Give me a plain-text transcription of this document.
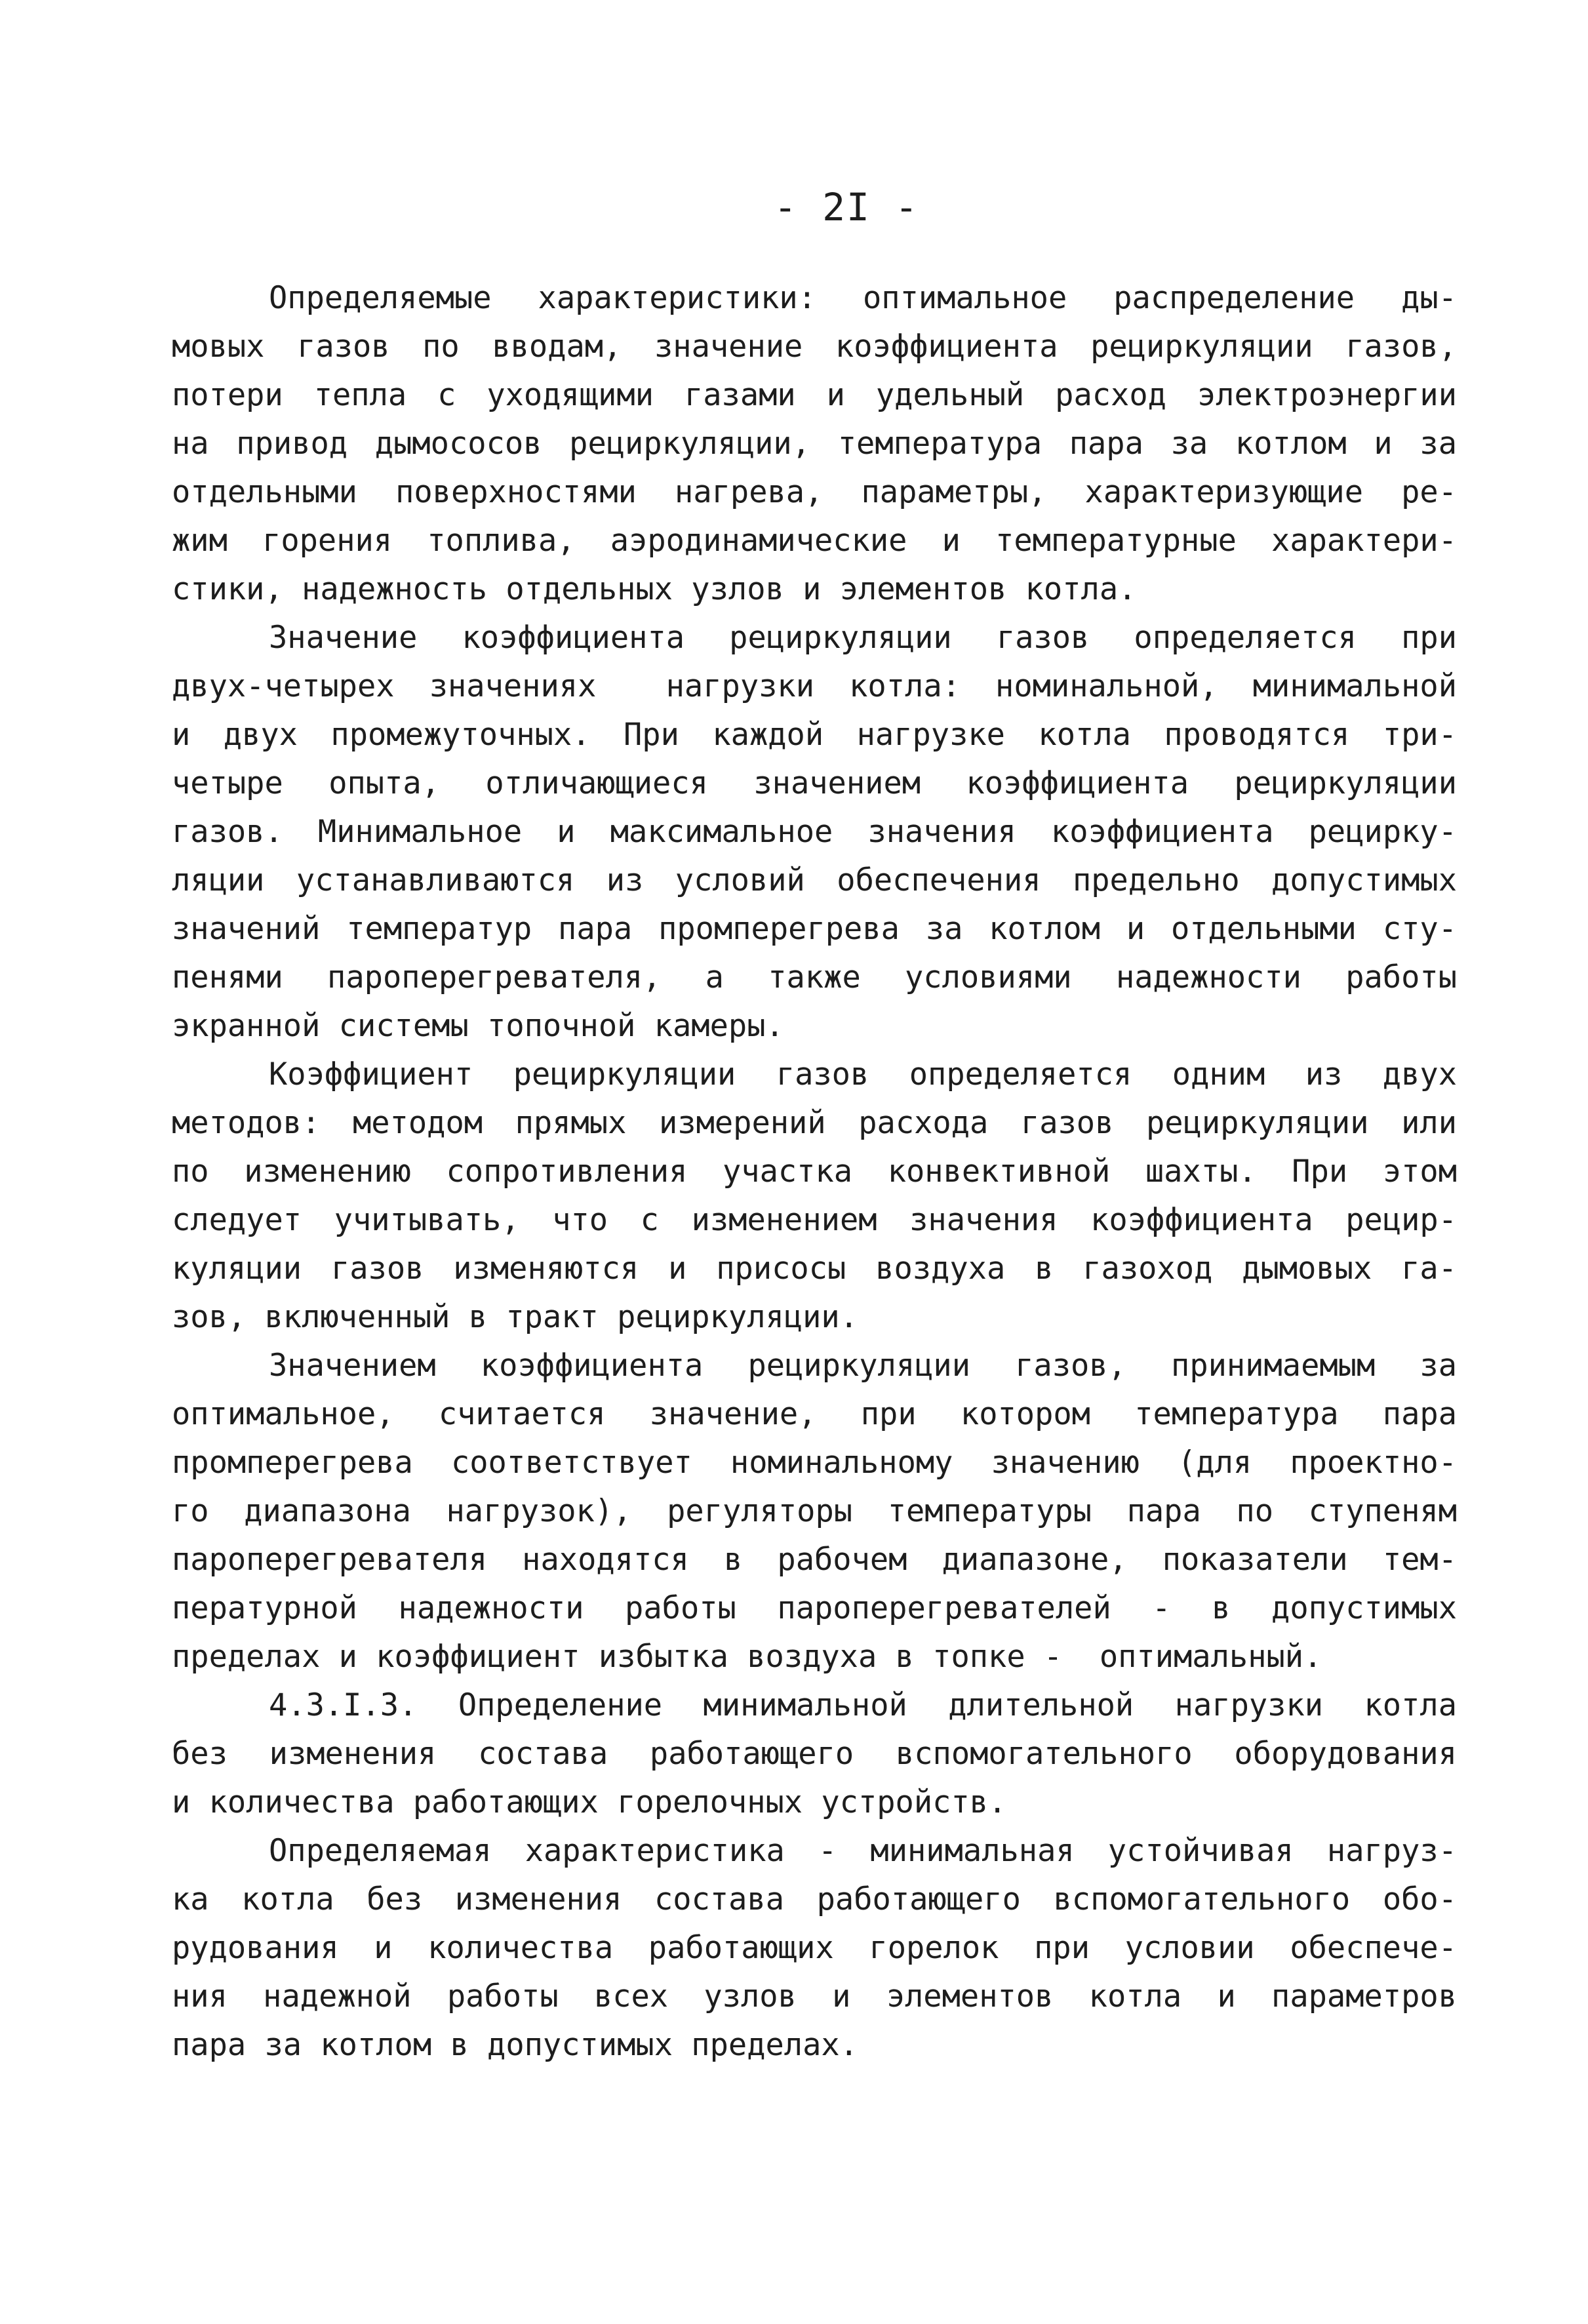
- 2I -
Определяемые характеристики: оптимальное распределение ды-
мовых газов по вводам, значение коэффициента рециркуляции газов,
потери тепла с уходящими газами и удельный расход электроэнергии
на привод дымососов рециркуляции, температура пара за котлом и за
отдельными поверхностями нагрева, параметры, характеризующие ре-
жим горения топлива, аэродинамические и температурные характери-
стики, надежность отдельных узлов и элементов котла.
Значение коэффициента рециркуляции газов определяется при
двух-четырех значениях  нагрузки котла: номинальной, минимальной
и двух промежуточных. При каждой нагрузке котла проводятся три-
четыре опыта, отличающиеся значением коэффициента рециркуляции
газов. Минимальное и максимальное значения коэффициента рецирку-
ляции устанавливаются из условий обеспечения предельно допустимых
значений температур пара промперегрева за котлом и отдельными сту-
пенями пароперегревателя, а также условиями надежности работы
экранной системы топочной камеры.
Коэффициент рециркуляции газов определяется одним из двух
методов: методом прямых измерений расхода газов рециркуляции или
по изменению сопротивления участка конвективной шахты. При этом
следует учитывать, что с изменением значения коэффициента рецир-
куляции газов изменяются и присосы воздуха в газоход дымовых га-
зов, включенный в тракт рециркуляции.
Значением коэффициента рециркуляции газов, принимаемым за
оптимальное, считается значение, при котором температура пара
промперегрева соответствует номинальному значению (для проектно-
го диапазона нагрузок), регуляторы температуры пара по ступеням
пароперегревателя находятся в рабочем диапазоне, показатели тем-
пературной надежности работы пароперегревателей - в допустимых
пределах и коэффициент избытка воздуха в топке -  оптимальный.
4.3.I.3. Определение минимальной длительной нагрузки котла
без изменения состава работающего вспомогательного оборудования
и количества работающих горелочных устройств.
Определяемая характеристика - минимальная устойчивая нагруз-
ка котла без изменения состава работающего вспомогательного обо-
рудования и количества работающих горелок при условии обеспече-
ния надежной работы всех узлов и элементов котла и параметров
пара за котлом в допустимых пределах.
